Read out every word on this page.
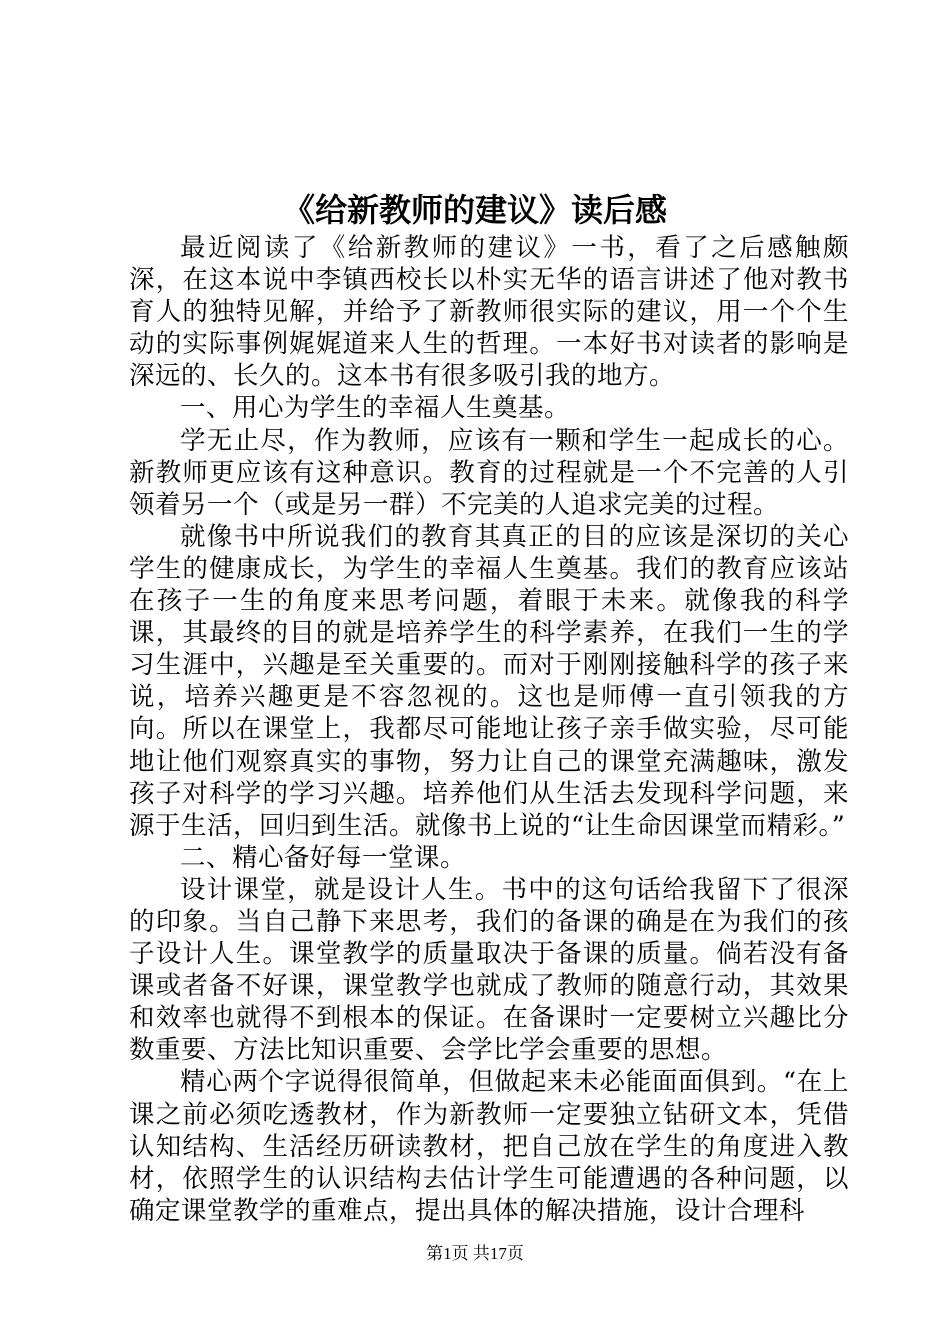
《给新教师的建议》读后感

最近阅读了《给新教师的建议》一书，看了之后感触颇深，在这本说中李镇西校长以朴实无华的语言讲述了他对教书育人的独特见解，并给予了新教师很实际的建议，用一个个生动的实际事例娓娓道来人生的哲理。一本好书对读者的影响是深远的、长久的。这本书有很多吸引我的地方。

一、用心为学生的幸福人生奠基。

学无止尽，作为教师，应该有一颗和学生一起成长的心。新教师更应该有这种意识。教育的过程就是一个不完善的人引领着另一个（或是另一群）不完美的人追求完美的过程。

就像书中所说我们的教育其真正的目的应该是深切的关心学生的健康成长，为学生的幸福人生奠基。我们的教育应该站在孩子一生的角度来思考问题，着眼于未来。就像我的科学课，其最终的目的就是培养学生的科学素养，在我们一生的学习生涯中，兴趣是至关重要的。而对于刚刚接触科学的孩子来说，培养兴趣更是不容忽视的。这也是师傅一直引领我的方向。所以在课堂上，我都尽可能地让孩子亲手做实验，尽可能地让他们观察真实的事物，努力让自己的课堂充满趣味，激发孩子对科学的学习兴趣。培养他们从生活去发现科学问题，来源于生活，回归到生活。就像书上说的“让生命因课堂而精彩。”

二、精心备好每一堂课。

设计课堂，就是设计人生。书中的这句话给我留下了很深的印象。当自己静下来思考，我们的备课的确是在为我们的孩子设计人生。课堂教学的质量取决于备课的质量。倘若没有备课或者备不好课，课堂教学也就成了教师的随意行动，其效果和效率也就得不到根本的保证。在备课时一定要树立兴趣比分数重要、方法比知识重要、会学比学会重要的思想。

精心两个字说得很简单，但做起来未必能面面俱到。“在上课之前必须吃透教材，作为新教师一定要独立钻研文本，凭借认知结构、生活经历研读教材，把自己放在学生的角度进入教材，依照学生的认识结构去估计学生可能遭遇的各种问题，以确定课堂教学的重难点，提出具体的解决措施，设计合理科

第1页 共17页
